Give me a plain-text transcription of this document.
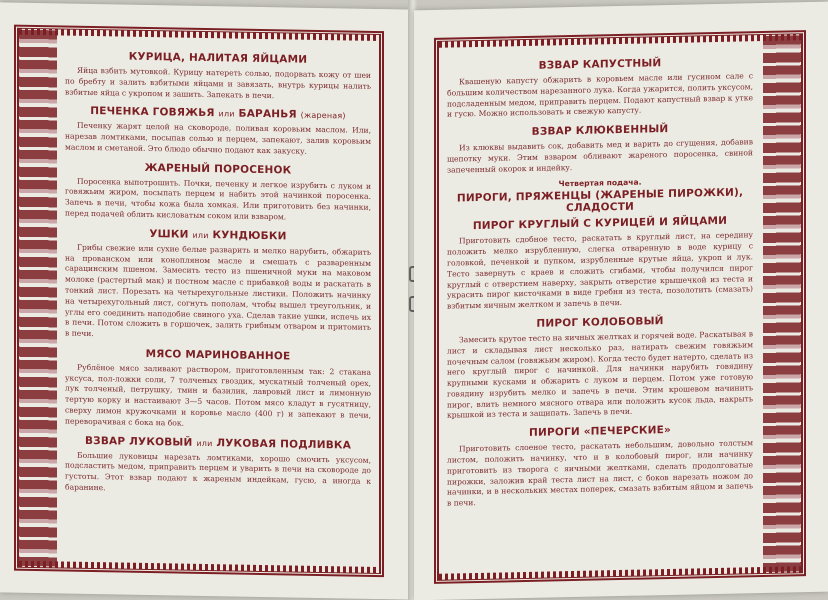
КУРИЦА, НАЛИТАЯ ЯЙЦАМИ

Яйца взбить мутовкой. Курицу натереть солью, подорвать кожу от шеи по бребту и залить взбитыми яйцами и завязать, внутрь курицы налить взбитые яйца с укропом и зашить. Запекать в печи.

ПЕЧЕНКА ГОВЯЖЬЯ или БАРАНЬЯ (жареная)

Печенку жарят целой на сковороде, поливая коровьим маслом. Или, нарезав ломтиками, посыпав солью и перцем, запекают, залив коровьим маслом и сметаной. Это блюдо обычно подают как закуску.

ЖАРЕНЫЙ ПОРОСЕНОК

Поросенка выпотрошить. Почки, печенку и легкое изрубить с луком и говяжьим жиром, посыпать перцем и набить этой начинкой поросенка. Запечь в печи, чтобы кожа была хомкая. Или приготовить без начинки, перед подачей облить кисловатым соком или взваром.

УШКИ или КУНДЮБКИ

Грибы свежие или сухие белые разварить и мелко нарубить, обжарить на прованском или конопляном масле и смешать с разваренным сарацинским пшеном. Замесить тесто из пшеничной муки на маковом молоке (растертый мак) и постном масле с прибавкой воды и раскатать в тонкий лист. Порезать на четырехугольные листики. Положить начинку на четырехугольный лист, согнуть пополам, чтобы вышел треугольник, и углы его соединить наподобие свиного уха. Сделав такие ушки, испечь их в печи. Потом сложить в горшочек, залить грибным отваром и притомить в печи.

МЯСО МАРИНОВАННОЕ

Рублёное мясо заливают раствором, приготовленным так: 2 стакана уксуса, пол-ложки соли, 7 толченых гвоздик, мускатный толченый орех, лук толченый, петрушку, тмин и базилик, лавровый лист и лимонную тертую корку и настаивают 3—5 часов. Потом мясо кладут в гусятницу, сверху лимон кружочками и коровье масло (400 г) и запекают в печи, переворачивая с бока на бок.

ВЗВАР ЛУКОВЫЙ или ЛУКОВАЯ ПОДЛИВКА

Большие луковицы нарезать ломтиками, хорошо смочить уксусом, подсластить медом, приправить перцем и уварить в печи на сковороде до густоты. Этот взвар подают к жареным индейкам, гусю, а иногда к баранине.

ВЗВАР КАПУСТНЫЙ

Квашеную капусту обжарить в коровьем масле или гусином сале с большим количеством нарезанного лука. Когда ужарится, полить уксусом, подсладенным медом, приправить перцем. Подают капустный взвар к утке и гусю. Можно использовать и свежую капусту.

ВЗВАР КЛЮКВЕННЫЙ

Из клюквы выдавить сок, добавить мед и варить до сгущения, добавив щепотку муки. Этим взваром обливают жареного поросенка, свиной запеченный окорок и индейку.

Четвертая подача.
ПИРОГИ, ПРЯЖЕНЦЫ (ЖАРЕНЫЕ ПИРОЖКИ), СЛАДОСТИ
ПИРОГ КРУГЛЫЙ С КУРИЦЕЙ И ЯЙЦАМИ

Приготовить сдобное тесто, раскатать в круглый лист, на середину положить мелко изрубленную, слегка отваренную в воде курицу с головкой, печенкой и пупком, изрубленные крутые яйца, укроп и лук. Тесто завернуть с краев и сложить сгибами, чтобы получился пирог круглый с отверстием наверху, закрыть отверстие крышечкой из теста и украсить пирог кисточками в виде гребня из теста, позолотить (смазать) взбитым яичным желтком и запечь в печи.

ПИРОГ КОЛОБОВЫЙ

Замесить крутое тесто на яичных желтках и горячей воде. Раскатывая в лист и складывая лист несколько раз, натирать свежим говяжьим почечным салом (говяжьим жиром). Когда тесто будет натерто, сделать из него круглый пирог с начинкой. Для начинки нарубить говядину крупными кусками и обжарить с луком и перцем. Потом уже готовую говядину изрубить мелко и запечь в печи. Этим крошевом начинить пирог, влить немного мясного отвара или положить кусок льда, накрыть крышкой из теста и защипать. Запечь в печи.

ПИРОГИ «ПЕЧЕРСКИЕ»

Приготовить слоеное тесто, раскатать небольшим, довольно толстым листом, положить начинку, что и в колобовый пирог, или начинку приготовить из творога с яичными желтками, сделать продолговатые пирожки, заложив край теста лист на лист, с боков нарезать ножом до начинки, и в нескольких местах поперек, смазать взбитым яйцом и запечь в печи.
